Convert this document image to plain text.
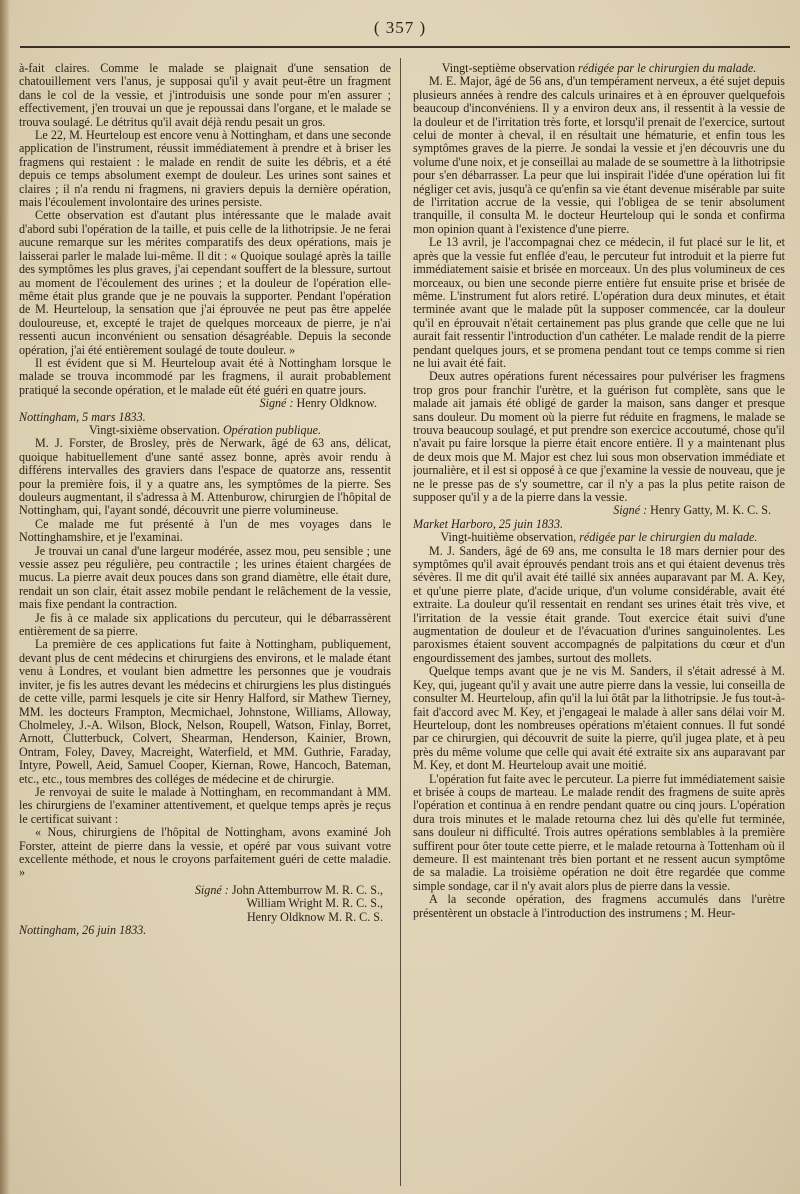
( 357 )

à-fait claires. Comme le malade se plaignait d'une sensation de chatouillement vers l'anus, je supposai qu'il y avait peut-être un fragment dans le col de la vessie, et j'introduisis une sonde pour m'en assurer ; effectivement, j'en trouvai un que je repoussai dans l'organe, et le malade se trouva soulagé. Le détritus qu'il avait déjà rendu pesait un gros.

Le 22, M. Heurteloup est encore venu à Nottingham, et dans une seconde application de l'instrument, réussit immédiatement à prendre et à briser les fragmens qui restaient : le malade en rendit de suite les débris, et a été depuis ce temps absolument exempt de douleur. Les urines sont saines et claires ; il n'a rendu ni fragmens, ni graviers depuis la dernière opération, mais l'écoulement involontaire des urines persiste.

Cette observation est d'autant plus intéressante que le malade avait d'abord subi l'opération de la taille, et puis celle de la lithotripsie. Je ne ferai aucune remarque sur les mérites comparatifs des deux opérations, mais je laisserai parler le malade lui-même. Il dit : « Quoique soulagé après la taille des symptômes les plus graves, j'ai cependant souffert de la blessure, surtout au moment de l'écoulement des urines ; et la douleur de l'opération elle-même était plus grande que je ne pouvais la supporter. Pendant l'opération de M. Heurteloup, la sensation que j'ai éprouvée ne peut pas être appelée douloureuse, et, excepté le trajet de quelques morceaux de pierre, je n'ai ressenti aucun inconvénient ou sensation désagréable. Depuis la seconde opération, j'ai été entièrement soulagé de toute douleur. »

Il est évident que si M. Heurteloup avait été à Nottingham lorsque le malade se trouva incommodé par les fragmens, il aurait probablement pratiqué la seconde opération, et le malade eût été guéri en quatre jours.

Signé : Henry Oldknow.

Nottingham, 5 mars 1833.

Vingt-sixième observation. Opération publique.

M. J. Forster, de Brosley, près de Nerwark, âgé de 63 ans, délicat, quoique habituellement d'une santé assez bonne, après avoir rendu à différens intervalles des graviers dans l'espace de quatorze ans, ressentit pour la première fois, il y a quatre ans, les symptômes de la pierre. Ses douleurs augmentant, il s'adressa à M. Attenburow, chirurgien de l'hôpital de Nottingham, qui, l'ayant sondé, découvrit une pierre volumineuse.

Ce malade me fut présenté à l'un de mes voyages dans le Nottinghamshire, et je l'examinai.

Je trouvai un canal d'une largeur modérée, assez mou, peu sensible ; une vessie assez peu régulière, peu contractile ; les urines étaient chargées de mucus. La pierre avait deux pouces dans son grand diamètre, elle était dure, rendait un son clair, était assez mobile pendant le relâchement de la vessie, mais fixe pendant la contraction.

Je fis à ce malade six applications du percuteur, qui le débarrassèrent entièrement de sa pierre.

La première de ces applications fut faite à Nottingham, publiquement, devant plus de cent médecins et chirurgiens des environs, et le malade étant venu à Londres, et voulant bien admettre les personnes que je voudrais inviter, je fis les autres devant les médecins et chirurgiens les plus distingués de cette ville, parmi lesquels je cite sir Henry Halford, sir Mathew Tierney, MM. les docteurs Frampton, Mecmichael, Johnstone, Williams, Alloway, Cholmeley, J.-A. Wilson, Block, Nelson, Roupell, Watson, Finlay, Borret, Arnott, Clutterbuck, Colvert, Shearman, Henderson, Kainier, Brown, Ontram, Foley, Davey, Macreight, Waterfield, et MM. Guthrie, Faraday, Intyre, Powell, Aeid, Samuel Cooper, Kiernan, Rowe, Hancoch, Bateman, etc., etc., tous membres des colléges de médecine et de chirurgie.

Je renvoyai de suite le malade à Nottingham, en recommandant à MM. les chirurgiens de l'examiner attentivement, et quelque temps après je reçus le certificat suivant :

« Nous, chirurgiens de l'hôpital de Nottingham, avons examiné Joh Forster, atteint de pierre dans la vessie, et opéré par vous suivant votre excellente méthode, et nous le croyons parfaitement guéri de cette maladie. »

Signé : John Attemburrow M. R. C. S.,
William Wright M. R. C. S.,
Henry Oldknow M. R. C. S.

Nottingham, 26 juin 1833.

Vingt-septième observation rédigée par le chirurgien du malade.

M. E. Major, âgé de 56 ans, d'un tempérament nerveux, a été sujet depuis plusieurs années à rendre des calculs urinaires et à en éprouver quelquefois beaucoup d'inconvéniens. Il y a environ deux ans, il ressentit à la vessie de la douleur et de l'irritation très forte, et lorsqu'il prenait de l'exercice, surtout celui de monter à cheval, il en résultait une hématurie, et enfin tous les symptômes graves de la pierre. Je sondai la vessie et j'en découvris une du volume d'une noix, et je conseillai au malade de se soumettre à la lithotripsie pour s'en débarrasser. La peur que lui inspirait l'idée d'une opération lui fit négliger cet avis, jusqu'à ce qu'enfin sa vie étant devenue misérable par suite de l'irritation accrue de la vessie, qui l'obligea de se tenir absolument tranquille, il consulta M. le docteur Heurteloup qui le sonda et confirma mon opinion quant à l'existence d'une pierre.

Le 13 avril, je l'accompagnai chez ce médecin, il fut placé sur le lit, et après que la vessie fut enflée d'eau, le percuteur fut introduit et la pierre fut immédiatement saisie et brisée en morceaux. Un des plus volumineux de ces morceaux, ou bien une seconde pierre entière fut ensuite prise et brisée de même. L'instrument fut alors retiré. L'opération dura deux minutes, et était terminée avant que le malade pût la supposer commencée, car la douleur qu'il en éprouvait n'était certainement pas plus grande que celle que ne lui aurait fait ressentir l'introduction d'un cathéter. Le malade rendit de la pierre pendant quelques jours, et se promena pendant tout ce temps comme si rien ne lui avait été fait.

Deux autres opérations furent nécessaires pour pulvériser les fragmens trop gros pour franchir l'urètre, et la guérison fut complète, sans que le malade ait jamais été obligé de garder la maison, sans danger et presque sans douleur. Du moment où la pierre fut réduite en fragmens, le malade se trouva beaucoup soulagé, et put prendre son exercice accoutumé, chose qu'il n'avait pu faire lorsque la pierre était encore entière. Il y a maintenant plus de deux mois que M. Major est chez lui sous mon observation immédiate et journalière, et il est si opposé à ce que j'examine la vessie de nouveau, que je ne le presse pas de s'y soumettre, car il n'y a pas la plus petite raison de supposer qu'il y a de la pierre dans la vessie.

Signé : Henry Gatty, M. K. C. S.

Market Harboro, 25 juin 1833.

Vingt-huitième observation, rédigée par le chirurgien du malade.

M. J. Sanders, âgé de 69 ans, me consulta le 18 mars dernier pour des symptômes qu'il avait éprouvés pendant trois ans et qui étaient devenus très sévères. Il me dit qu'il avait été taillé six années auparavant par M. A. Key, et qu'une pierre plate, d'acide urique, d'un volume considérable, avait été extraite. La douleur qu'il ressentait en rendant ses urines était très vive, et l'irritation de la vessie était grande. Tout exercice était suivi d'une augmentation de douleur et de l'évacuation d'urines sanguinolentes. Les paroxismes étaient souvent accompagnés de palpitations du cœur et d'un engourdissement des jambes, surtout des mollets.

Quelque temps avant que je ne vis M. Sanders, il s'était adressé à M. Key, qui, jugeant qu'il y avait une autre pierre dans la vessie, lui conseilla de consulter M. Heurteloup, afin qu'il la lui ôtât par la lithotripsie. Je fus tout-à-fait d'accord avec M. Key, et j'engageai le malade à aller sans délai voir M. Heurteloup, dont les nombreuses opérations m'étaient connues. Il fut sondé par ce chirurgien, qui découvrit de suite la pierre, qu'il jugea plate, et à peu près du même volume que celle qui avait été extraite six ans auparavant par M. Key, et dont M. Heurteloup avait une moitié.

L'opération fut faite avec le percuteur. La pierre fut immédiatement saisie et brisée à coups de marteau. Le malade rendit des fragmens de suite après l'opération et continua à en rendre pendant quatre ou cinq jours. L'opération dura trois minutes et le malade retourna chez lui dès qu'elle fut terminée, sans douleur ni difficulté. Trois autres opérations semblables à la première suffirent pour ôter toute cette pierre, et le malade retourna à Tottenham où il demeure. Il est maintenant très bien portant et ne ressent aucun symptôme de sa maladie. La troisième opération ne doit être regardée que comme simple sondage, car il n'y avait alors plus de pierre dans la vessie.

A la seconde opération, des fragmens accumulés dans l'urètre présentèrent un obstacle à l'introduction des instrumens ; M. Heur-
